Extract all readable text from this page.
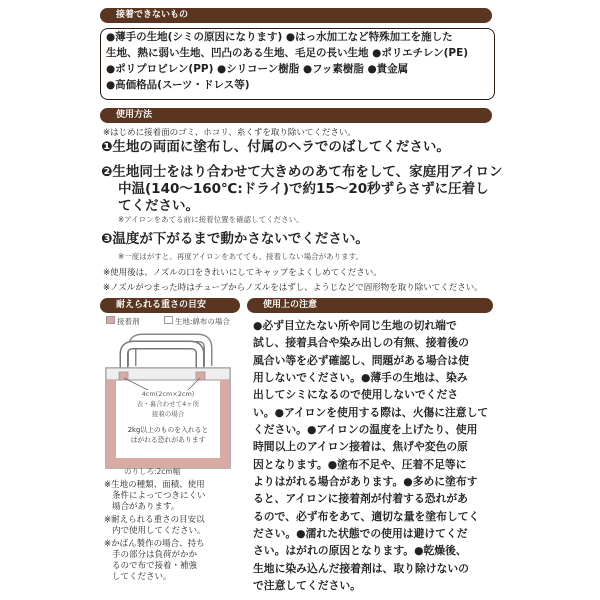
接着できないもの
●薄手の生地(シミの原因になります) ●はっ水加工など特殊加工を施した
生地、熱に弱い生地、凹凸のある生地、毛足の長い生地 ●ポリエチレン(PE)
●ポリプロピレン(PP) ●シリコーン樹脂 ●フッ素樹脂 ●貴金属
●高価格品(スーツ・ドレス等)
使用方法
※はじめに接着面のゴミ、ホコリ、糸くずを取り除いてください。
❶生地の両面に塗布し、付属のヘラでのばしてください。
❷生地同士をはり合わせて大きめのあて布をして、家庭用アイロン
中温(140～160℃:ドライ)で約15～20秒ずらさずに圧着し
てください。
※アイロンをあてる前に接着位置を確認してください。
❸温度が下がるまで動かさないでください。
※一度はがすと、再度アイロンをあてても、接着しない場合があります。
※使用後は、ノズルの口をきれいにしてキャップをよくしめてください。
※ノズルがつまった時はチューブからノズルをはずし、ようじなどで固形物を取り除いてください。
耐えられる重さの目安
接着剤	生地:綿布の場合
4cm(2cm×2cm)
表・裏合わせて4ヶ所
接着の場合
2kg以上のものを入れると
はがれる恐れがあります
のりしろ:2cm幅
※生地の種類、面積、使用
条件によってつきにくい
場合があります。
※耐えられる重さの目安以
内で使用してください。
※かばん製作の場合、持ち
手の部分は負荷がかか
るので布で接着・補強
してください。
使用上の注意
●必ず目立たない所や同じ生地の切れ端で
試し、接着具合や染み出しの有無、接着後の
風合い等を必ず確認し、問題がある場合は使
用しないでください。●薄手の生地は、染み
出してシミになるので使用しないでくださ
い。●アイロンを使用する際は、火傷に注意して
ください。●アイロンの温度を上げたり、使用
時間以上のアイロン接着は、焦げや変色の原
因となります。●塗布不足や、圧着不足等に
よりはがれる場合があります。●多めに塗布す
ると、アイロンに接着剤が付着する恐れがあ
るので、必ず布をあて、適切な量を塗布してく
ださい。●濡れた状態での使用は避けてくだ
さい。はがれの原因となります。●乾燥後、
生地に染み込んだ接着剤は、取り除けないの
で注意してください。
